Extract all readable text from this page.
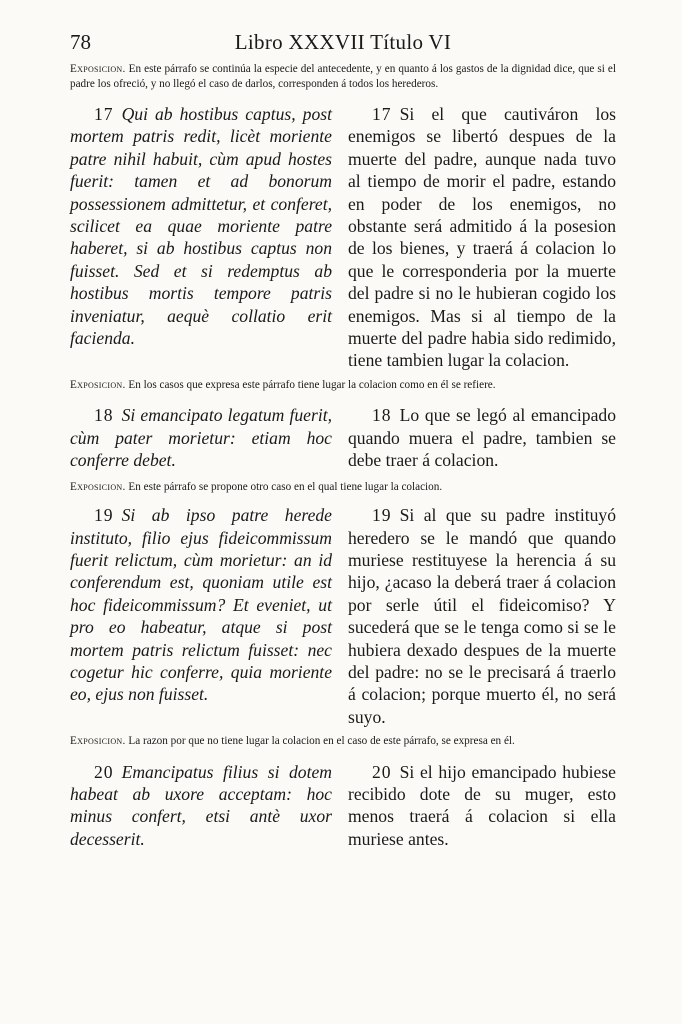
78	Libro XXXVII Título VI

Exposicion. En este párrafo se continúa la especie del antecedente, y en quanto á los gastos de la dignidad dice, que si el padre los ofreció, y no llegó el caso de darlos, corresponden á todos los herederos.

17 Qui ab hostibus captus, post mortem patris redit, licèt moriente patre nihil habuit, cùm apud hostes fuerit: tamen et ad bonorum possessionem admittetur, et conferet, scilicet ea quae moriente patre haberet, si ab hostibus captus non fuisset. Sed et si redemptus ab hostibus mortis tempore patris inveniatur, aequè collatio erit facienda.

17 Si el que cautiváron los enemigos se libertó despues de la muerte del padre, aunque nada tuvo al tiempo de morir el padre, estando en poder de los enemigos, no obstante será admitido á la posesion de los bienes, y traerá á colacion lo que le corresponderia por la muerte del padre si no le hubieran cogido los enemigos. Mas si al tiempo de la muerte del padre habia sido redimido, tiene tambien lugar la colacion.

Exposicion. En los casos que expresa este párrafo tiene lugar la colacion como en él se refiere.

18 Si emancipato legatum fuerit, cùm pater morietur: etiam hoc conferre debet.

18 Lo que se legó al emancipado quando muera el padre, tambien se debe traer á colacion.

Exposicion. En este párrafo se propone otro caso en el qual tiene lugar la colacion.

19 Si ab ipso patre herede instituto, filio ejus fideicommissum fuerit relictum, cùm morietur: an id conferendum est, quoniam utile est hoc fideicommissum? Et eveniet, ut pro eo habeatur, atque si post mortem patris relictum fuisset: nec cogetur hic conferre, quia moriente eo, ejus non fuisset.

19 Si al que su padre instituyó heredero se le mandó que quando muriese restituyese la herencia á su hijo, ¿acaso la deberá traer á colacion por serle útil el fideicomiso? Y sucederá que se le tenga como si se le hubiera dexado despues de la muerte del padre: no se le precisará á traerlo á colacion; porque muerto él, no será suyo.

Exposicion. La razon por que no tiene lugar la colacion en el caso de este párrafo, se expresa en él.

20 Emancipatus filius si dotem habeat ab uxore acceptam: hoc minus confert, etsi antè uxor decesserit.

20 Si el hijo emancipado hubiese recibido dote de su muger, esto menos traerá á colacion si ella muriese antes.
